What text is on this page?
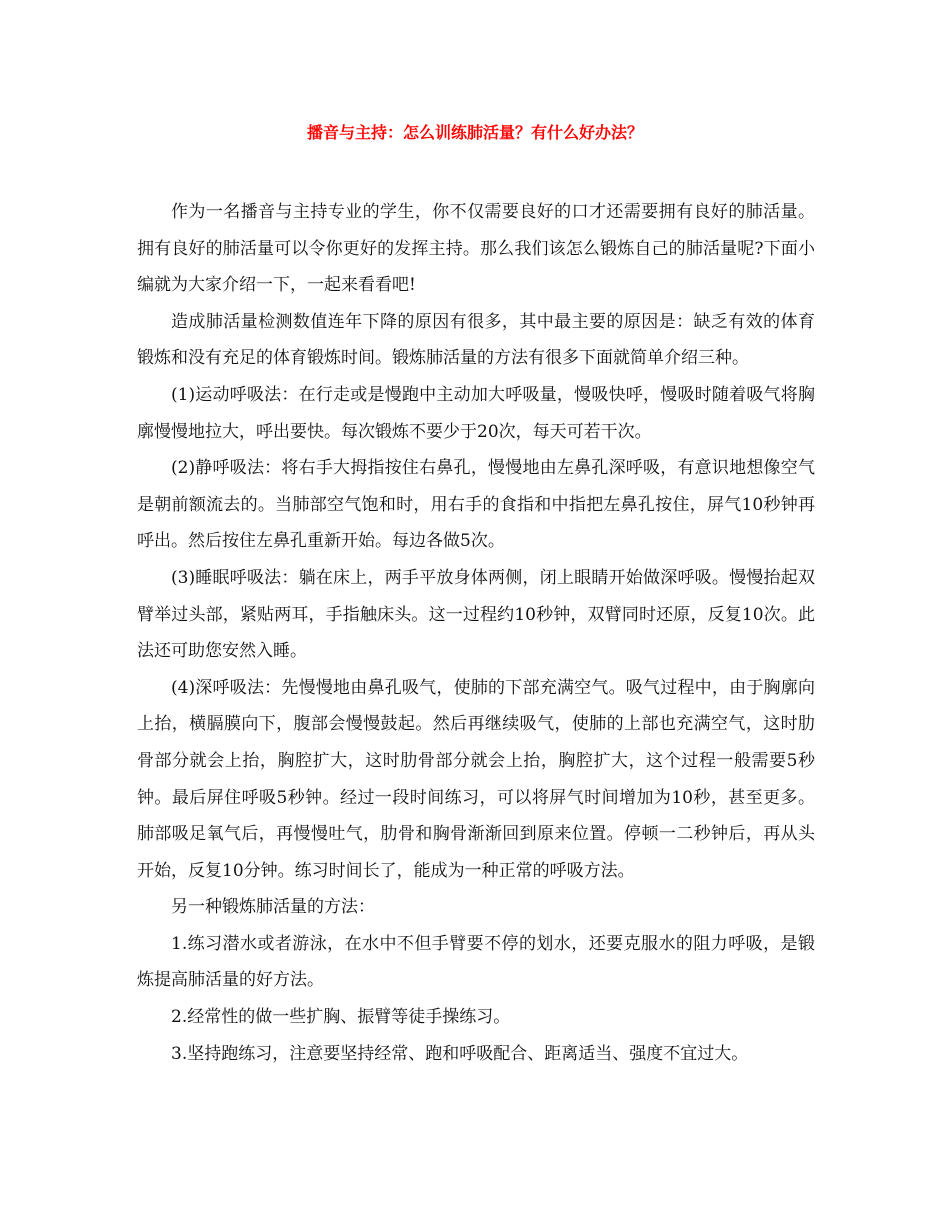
播音与主持：怎么训练肺活量？有什么好办法？

作为一名播音与主持专业的学生，你不仅需要良好的口才还需要拥有良好的肺活量。拥有良好的肺活量可以令你更好的发挥主持。那么我们该怎么锻炼自己的肺活量呢?下面小编就为大家介绍一下，一起来看看吧!

造成肺活量检测数值连年下降的原因有很多，其中最主要的原因是：缺乏有效的体育锻炼和没有充足的体育锻炼时间。锻炼肺活量的方法有很多下面就简单介绍三种。

(1)运动呼吸法：在行走或是慢跑中主动加大呼吸量，慢吸快呼，慢吸时随着吸气将胸廓慢慢地拉大，呼出要快。每次锻炼不要少于20次，每天可若干次。

(2)静呼吸法：将右手大拇指按住右鼻孔，慢慢地由左鼻孔深呼吸，有意识地想像空气是朝前额流去的。当肺部空气饱和时，用右手的食指和中指把左鼻孔按住，屏气10秒钟再呼出。然后按住左鼻孔重新开始。每边各做5次。

(3)睡眠呼吸法：躺在床上，两手平放身体两侧，闭上眼睛开始做深呼吸。慢慢抬起双臂举过头部，紧贴两耳，手指触床头。这一过程约10秒钟，双臂同时还原，反复10次。此法还可助您安然入睡。

(4)深呼吸法：先慢慢地由鼻孔吸气，使肺的下部充满空气。吸气过程中，由于胸廓向上抬，横膈膜向下，腹部会慢慢鼓起。然后再继续吸气，使肺的上部也充满空气，这时肋骨部分就会上抬，胸腔扩大，这时肋骨部分就会上抬，胸腔扩大，这个过程一般需要5秒钟。最后屏住呼吸5秒钟。经过一段时间练习，可以将屏气时间增加为10秒，甚至更多。肺部吸足氧气后，再慢慢吐气，肋骨和胸骨渐渐回到原来位置。停顿一二秒钟后，再从头开始，反复10分钟。练习时间长了，能成为一种正常的呼吸方法。

另一种锻炼肺活量的方法：

1.练习潜水或者游泳，在水中不但手臂要不停的划水，还要克服水的阻力呼吸，是锻炼提高肺活量的好方法。

2.经常性的做一些扩胸、振臂等徒手操练习。

3.坚持跑练习，注意要坚持经常、跑和呼吸配合、距离适当、强度不宜过大。
